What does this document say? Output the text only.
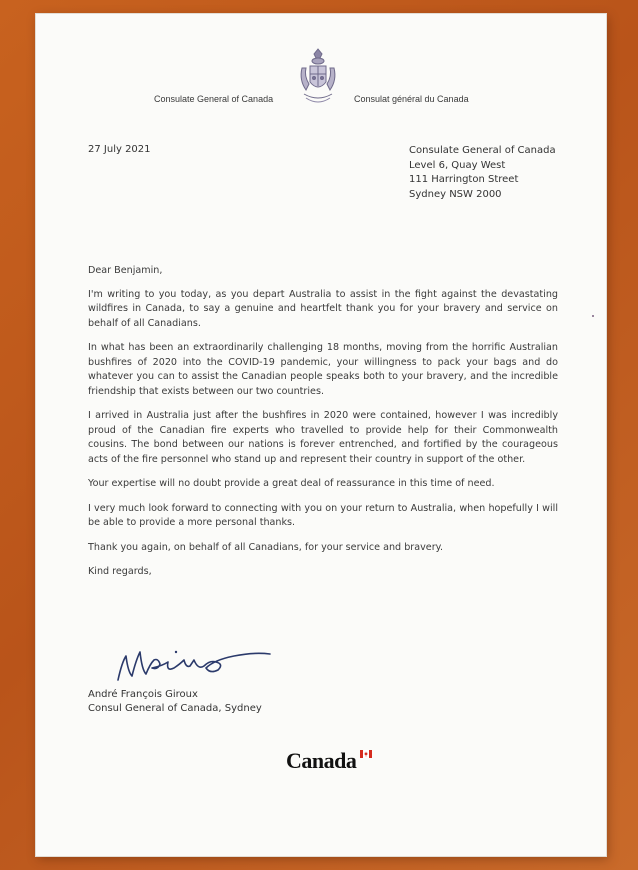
Consulate General of Canada	Consulat général du Canada
27 July 2021	Consulate General of Canada
Level 6, Quay West
111 Harrington Street
Sydney NSW 2000

Dear Benjamin,

I'm writing to you today, as you depart Australia to assist in the fight against the devastating wildfires in Canada, to say a genuine and heartfelt thank you for your bravery and service on behalf of all Canadians.

In what has been an extraordinarily challenging 18 months, moving from the horrific Australian bushfires of 2020 into the COVID-19 pandemic, your willingness to pack your bags and do whatever you can to assist the Canadian people speaks both to your bravery, and the incredible friendship that exists between our two countries.

I arrived in Australia just after the bushfires in 2020 were contained, however I was incredibly proud of the Canadian fire experts who travelled to provide help for their Commonwealth cousins. The bond between our nations is forever entrenched, and fortified by the courageous acts of the fire personnel who stand up and represent their country in support of the other.

Your expertise will no doubt provide a great deal of reassurance in this time of need.

I very much look forward to connecting with you on your return to Australia, when hopefully I will be able to provide a more personal thanks.

Thank you again, on behalf of all Canadians, for your service and bravery.

Kind regards,

André François Giroux
Consul General of Canada, Sydney
Canada
